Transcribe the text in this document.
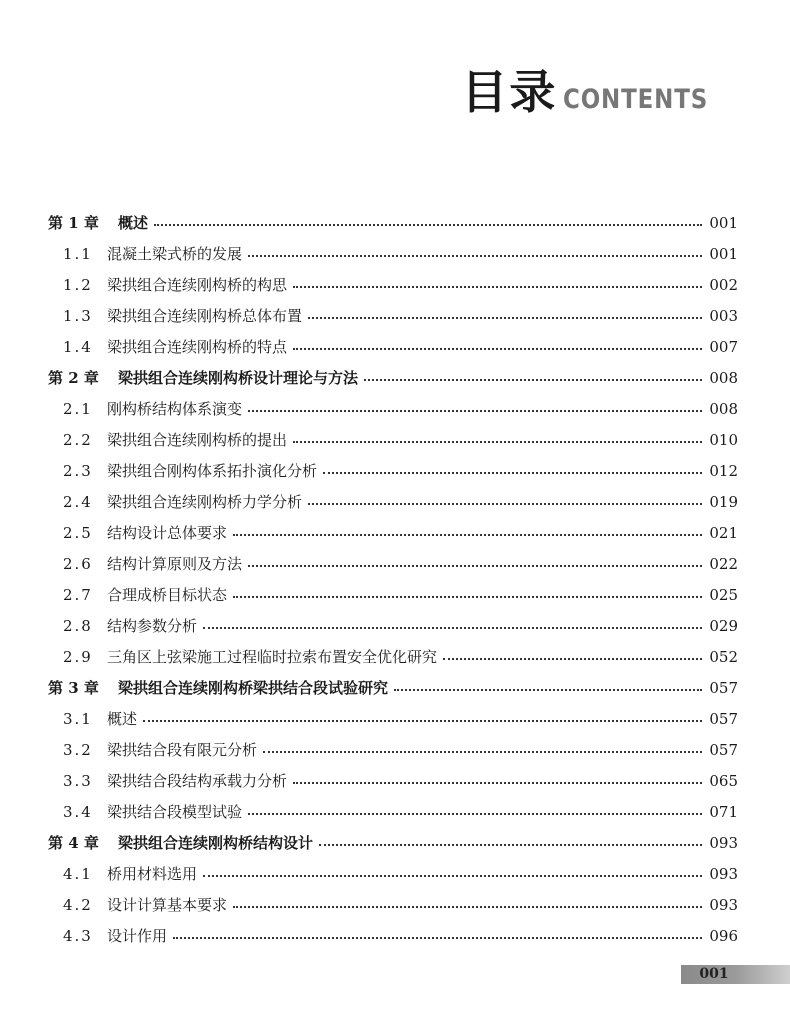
目录 CONTENTS
第 1 章	概述	001
1.1 混凝土梁式桥的发展	001
1.2 梁拱组合连续刚构桥的构思	002
1.3 梁拱组合连续刚构桥总体布置	003
1.4 梁拱组合连续刚构桥的特点	007
第 2 章	梁拱组合连续刚构桥设计理论与方法	008
2.1 刚构桥结构体系演变	008
2.2 梁拱组合连续刚构桥的提出	010
2.3 梁拱组合刚构体系拓扑演化分析	012
2.4 梁拱组合连续刚构桥力学分析	019
2.5 结构设计总体要求	021
2.6 结构计算原则及方法	022
2.7 合理成桥目标状态	025
2.8 结构参数分析	029
2.9 三角区上弦梁施工过程临时拉索布置安全优化研究	052
第 3 章	梁拱组合连续刚构桥梁拱结合段试验研究	057
3.1 概述	057
3.2 梁拱结合段有限元分析	057
3.3 梁拱结合段结构承载力分析	065
3.4 梁拱结合段模型试验	071
第 4 章	梁拱组合连续刚构桥结构设计	093
4.1 桥用材料选用	093
4.2 设计计算基本要求	093
4.3 设计作用	096
001
